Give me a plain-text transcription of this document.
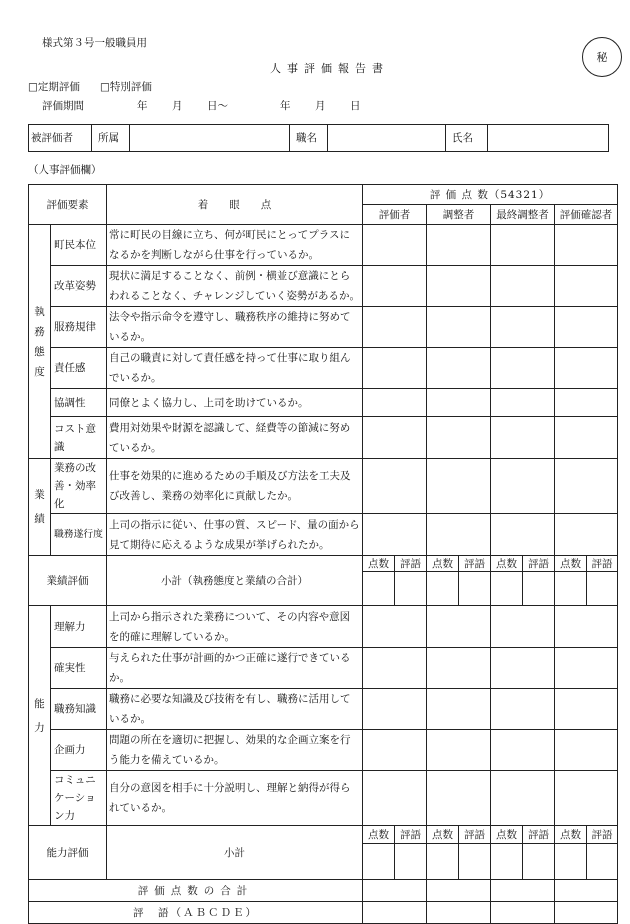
様式第３号一般職員用
人事評価報告書
秘
□定期評価 □特別評価
評価期間	年 月 日～	年 月 日
被評価者	所属	職名	氏名
（人事評価欄）
評価要素		着　　眼　　点	評 価 点 数（54321）							
			評価者		調整者		最終調整者		評価確認者	
執務態度	町民本位	常に町民の目線に立ち、何が町民にとってプラスになるかを判断しながら仕事を行っているか。								
	改革姿勢	現状に満足することなく、前例・横並び意識にとらわれることなく、チャレンジしていく姿勢があるか。								
	服務規律	法令や指示命令を遵守し、職務秩序の維持に努めているか。								
	責任感	自己の職責に対して責任感を持って仕事に取り組んでいるか。								
	協調性	同僚とよく協力し、上司を助けているか。								
	コスト意識	費用対効果や財源を認識して、経費等の節減に努めているか。								
業績	業務の改善・効率化	仕事を効果的に進めるための手順及び方法を工夫及び改善し、業務の効率化に貢献したか。								
	職務遂行度	上司の指示に従い、仕事の質、スピード、量の面から見て期待に応えるような成果が挙げられたか。								
業績評価		小計（執務態度と業績の合計）	点数	評語	点数	評語	点数	評語	点数	評語

能力	理解力	上司から指示された業務について、その内容や意図を的確に理解しているか。								
	確実性	与えられた仕事が計画的かつ正確に遂行できているか。								
	職務知識	職務に必要な知識及び技術を有し、職務に活用しているか。								
	企画力	問題の所在を適切に把握し、効果的な企画立案を行う能力を備えているか。								
	コミュニケーション力	自分の意図を相手に十分説明し、理解と納得が得られているか。								
能力評価		小計	点数	評語	点数	評語	点数	評語	点数	評語

評価点数の合計										
評　語（ＡＢＣＤＥ）										
